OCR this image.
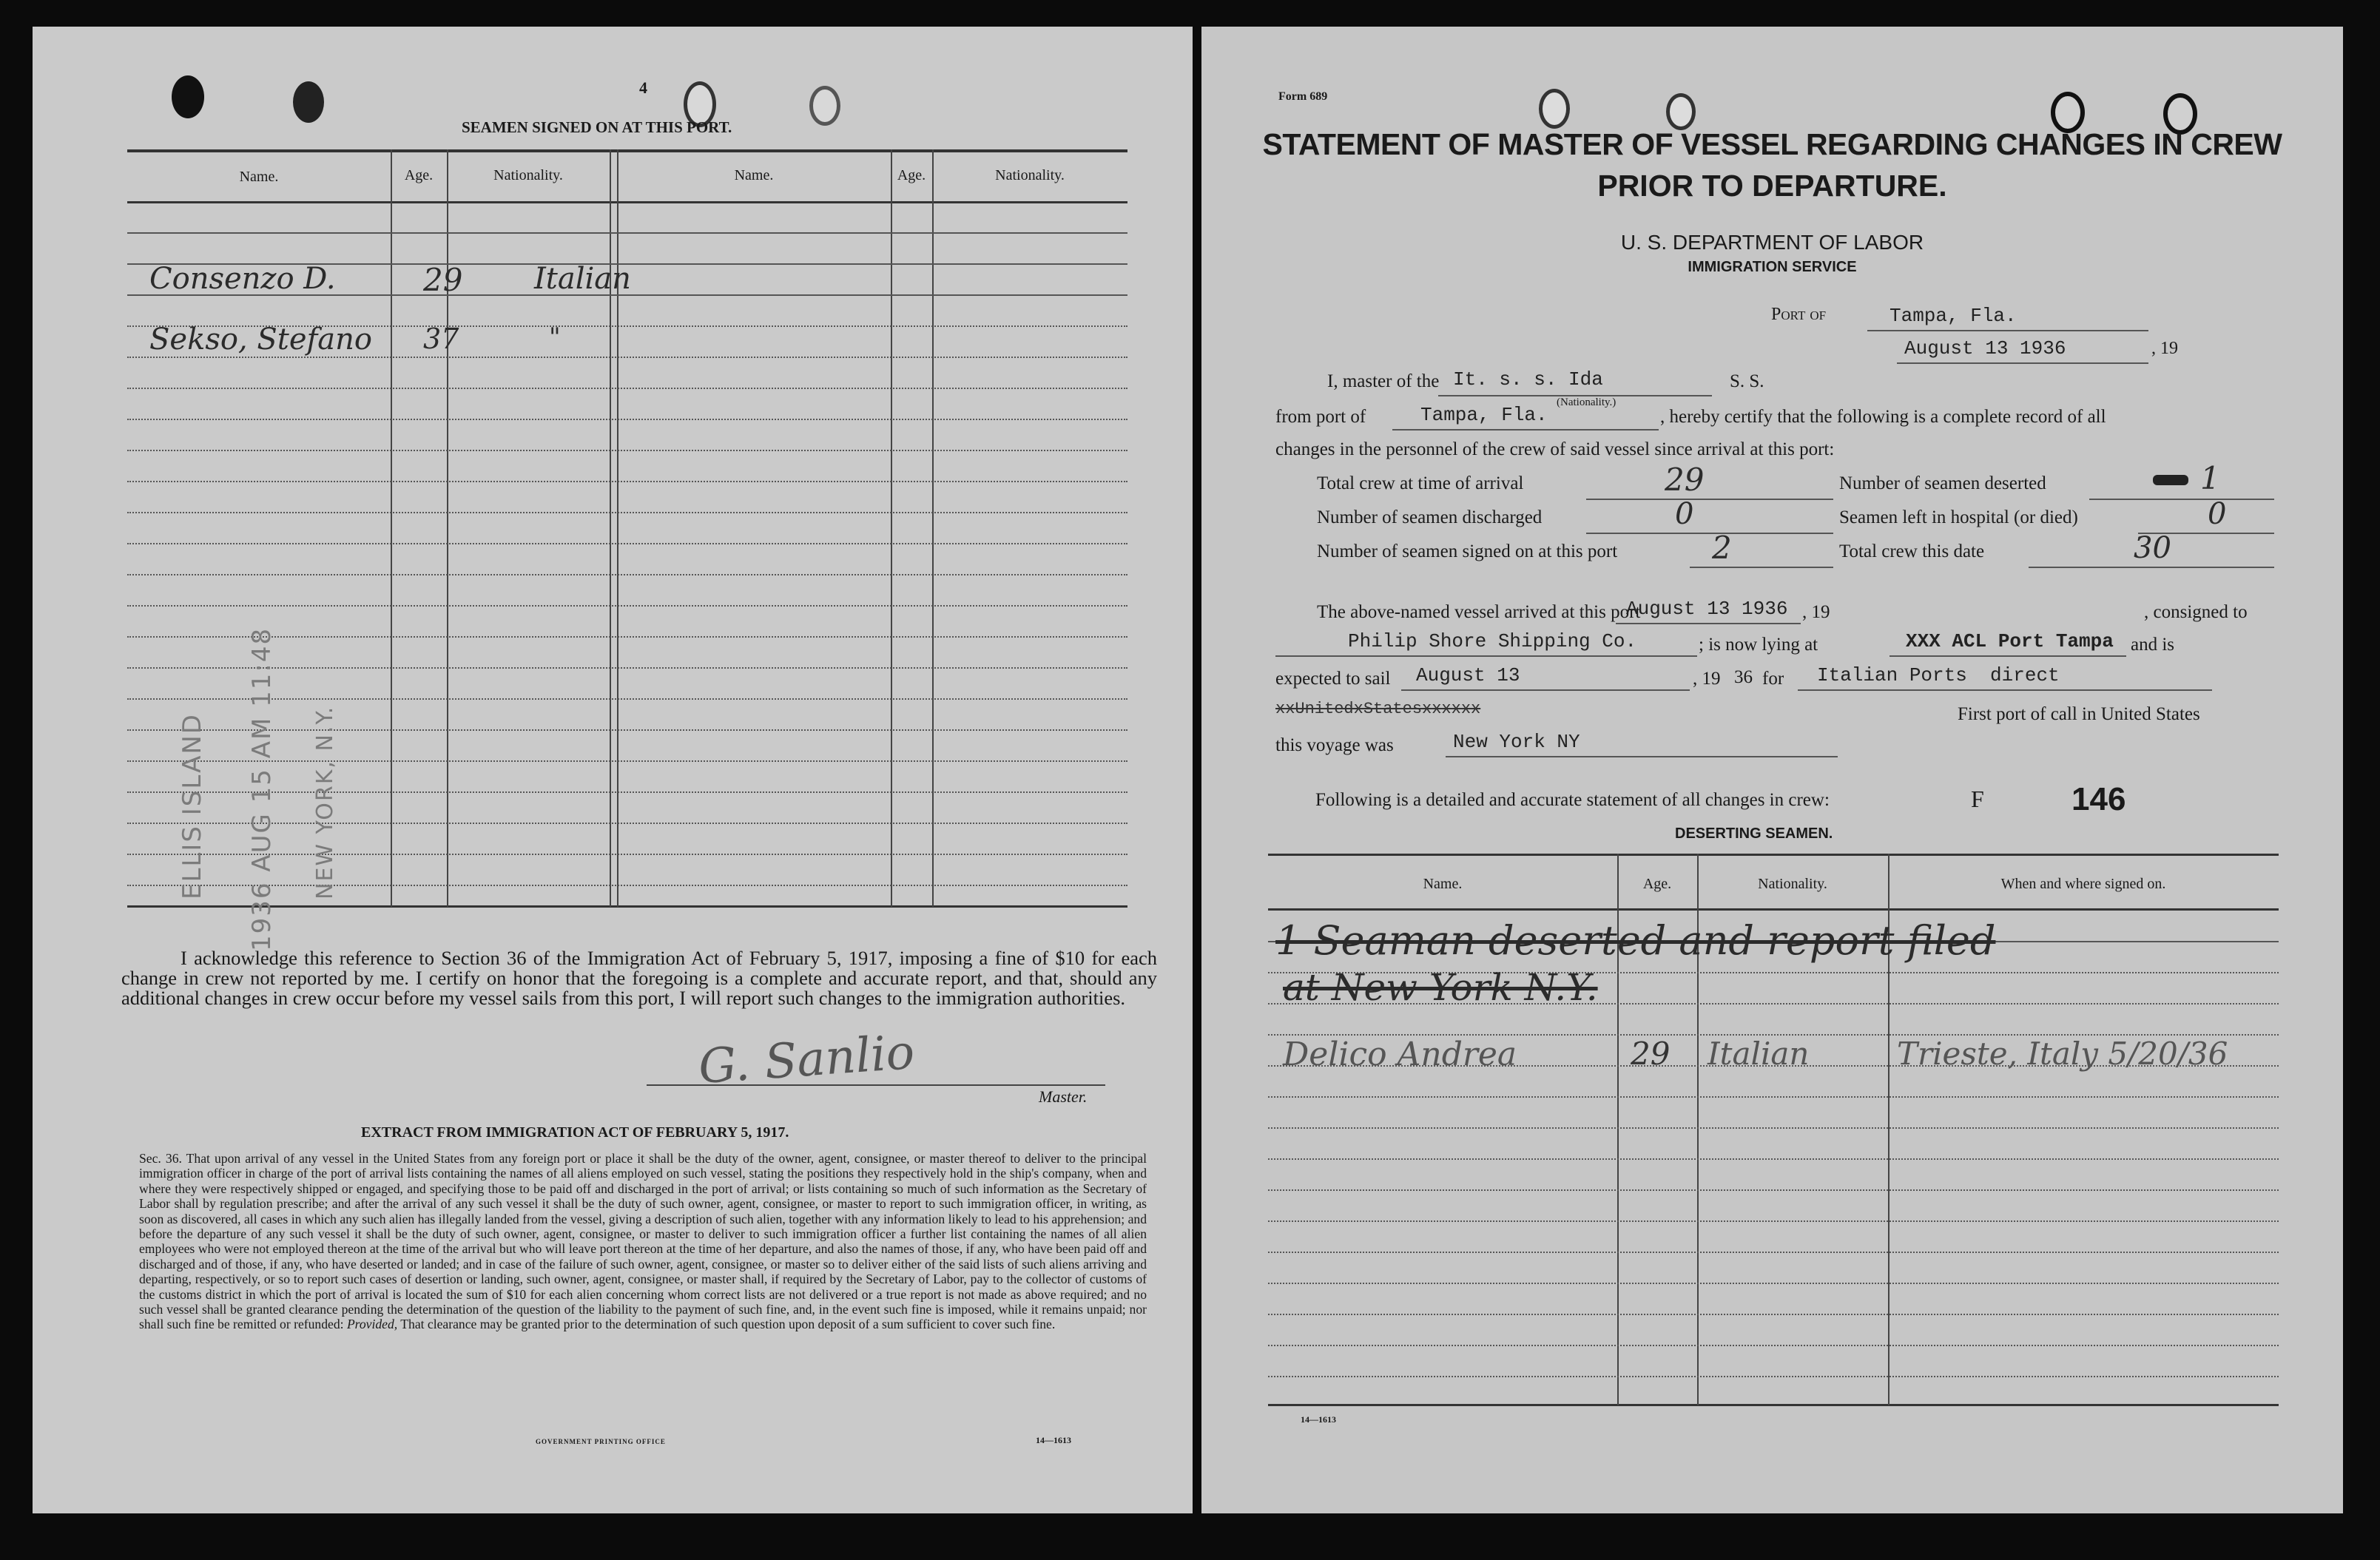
4
SEAMEN SIGNED ON AT THIS PORT.
Name.	Age.	Nationality.	Name.	Age.	Nationality.
Consenzo D.	29 Italian
Sekso, Stefano 37	"
ELLIS ISLAND 1936 AUG 15 AM 11:48 NEW YORK, N.Y.
I acknowledge this reference to Section 36 of the Immigration Act of February 5, 1917, imposing a fine of $10 for each change in crew not reported by me. I certify on honor that the foregoing is a complete and accurate report, and that, should any additional changes in crew occur before my vessel sails from this port, I will report such changes to the immigration authorities.
G. Sanlio
Master.
EXTRACT FROM IMMIGRATION ACT OF FEBRUARY 5, 1917.
Sec. 36. That upon arrival of any vessel in the United States from any foreign port or place it shall be the duty of the owner, agent, consignee, or master thereof to deliver to the principal immigration officer in charge of the port of arrival lists containing the names of all aliens employed on such vessel, stating the positions they respectively hold in the ship's company, when and where they were respectively shipped or engaged, and specifying those to be paid off and discharged in the port of arrival; or lists containing so much of such information as the Secretary of Labor shall by regulation prescribe; and after the arrival of any such vessel it shall be the duty of such owner, agent, consignee, or master to report to such immigration officer, in writing, as soon as discovered, all cases in which any such alien has illegally landed from the vessel, giving a description of such alien, together with any information likely to lead to his apprehension; and before the departure of any such vessel it shall be the duty of such owner, agent, consignee, or master to deliver to such immigration officer a further list containing the names of all alien employees who were not employed thereon at the time of the arrival but who will leave port thereon at the time of her departure, and also the names of those, if any, who have been paid off and discharged and of those, if any, who have deserted or landed; and in case of the failure of such owner, agent, consignee, or master so to deliver either of the said lists of such aliens arriving and departing, respectively, or so to report such cases of desertion or landing, such owner, agent, consignee, or master shall, if required by the Secretary of Labor, pay to the collector of customs of the customs district in which the port of arrival is located the sum of $10 for each alien concerning whom correct lists are not delivered or a true report is not made as above required; and no such vessel shall be granted clearance pending the determination of the question of the liability to the payment of such fine, and, in the event such fine is imposed, while it remains unpaid; nor shall such fine be remitted or refunded: Provided, That clearance may be granted prior to the determination of such question upon deposit of a sum sufficient to cover such fine.
GOVERNMENT PRINTING OFFICE	14—1613
Form 689
STATEMENT OF MASTER OF VESSEL REGARDING CHANGES IN CREW
PRIOR TO DEPARTURE.
U. S. DEPARTMENT OF LABOR
IMMIGRATION SERVICE
Port of	Tampa, Fla.
August 13 1936	, 19
I, master of the It. s. s. Ida	S. S.
(Nationality.)
from port of	Tampa, Fla.	, hereby certify that the following is a complete record of all
changes in the personnel of the crew of said vessel since arrival at this port:
Total crew at time of arrival	29
Number of seamen discharged	0
Number of seamen signed on at this port	2
Number of seamen deserted	1
Seamen left in hospital (or died)	0
Total crew this date	30
The above-named vessel arrived at this port
August 13 1936 , 19	, consigned to
Philip Shore Shipping Co.	; is now lying at	XXX ACL Port Tampa and is
expected to sail August 13	, 19 36 for Italian Ports  direct
xxUnitedxStatesxxxxxx	First port of call in United States
this voyage was	New York NY
Following is a detailed and accurate statement of all changes in crew:	F	146
DESERTING SEAMEN.
Name.	Age.	Nationality.	When and where signed on.
1 Seaman deserted and report filed
at New York N.Y.
Delico Andrea	29 Italian	Trieste, Italy 5/20/36
14—1613
